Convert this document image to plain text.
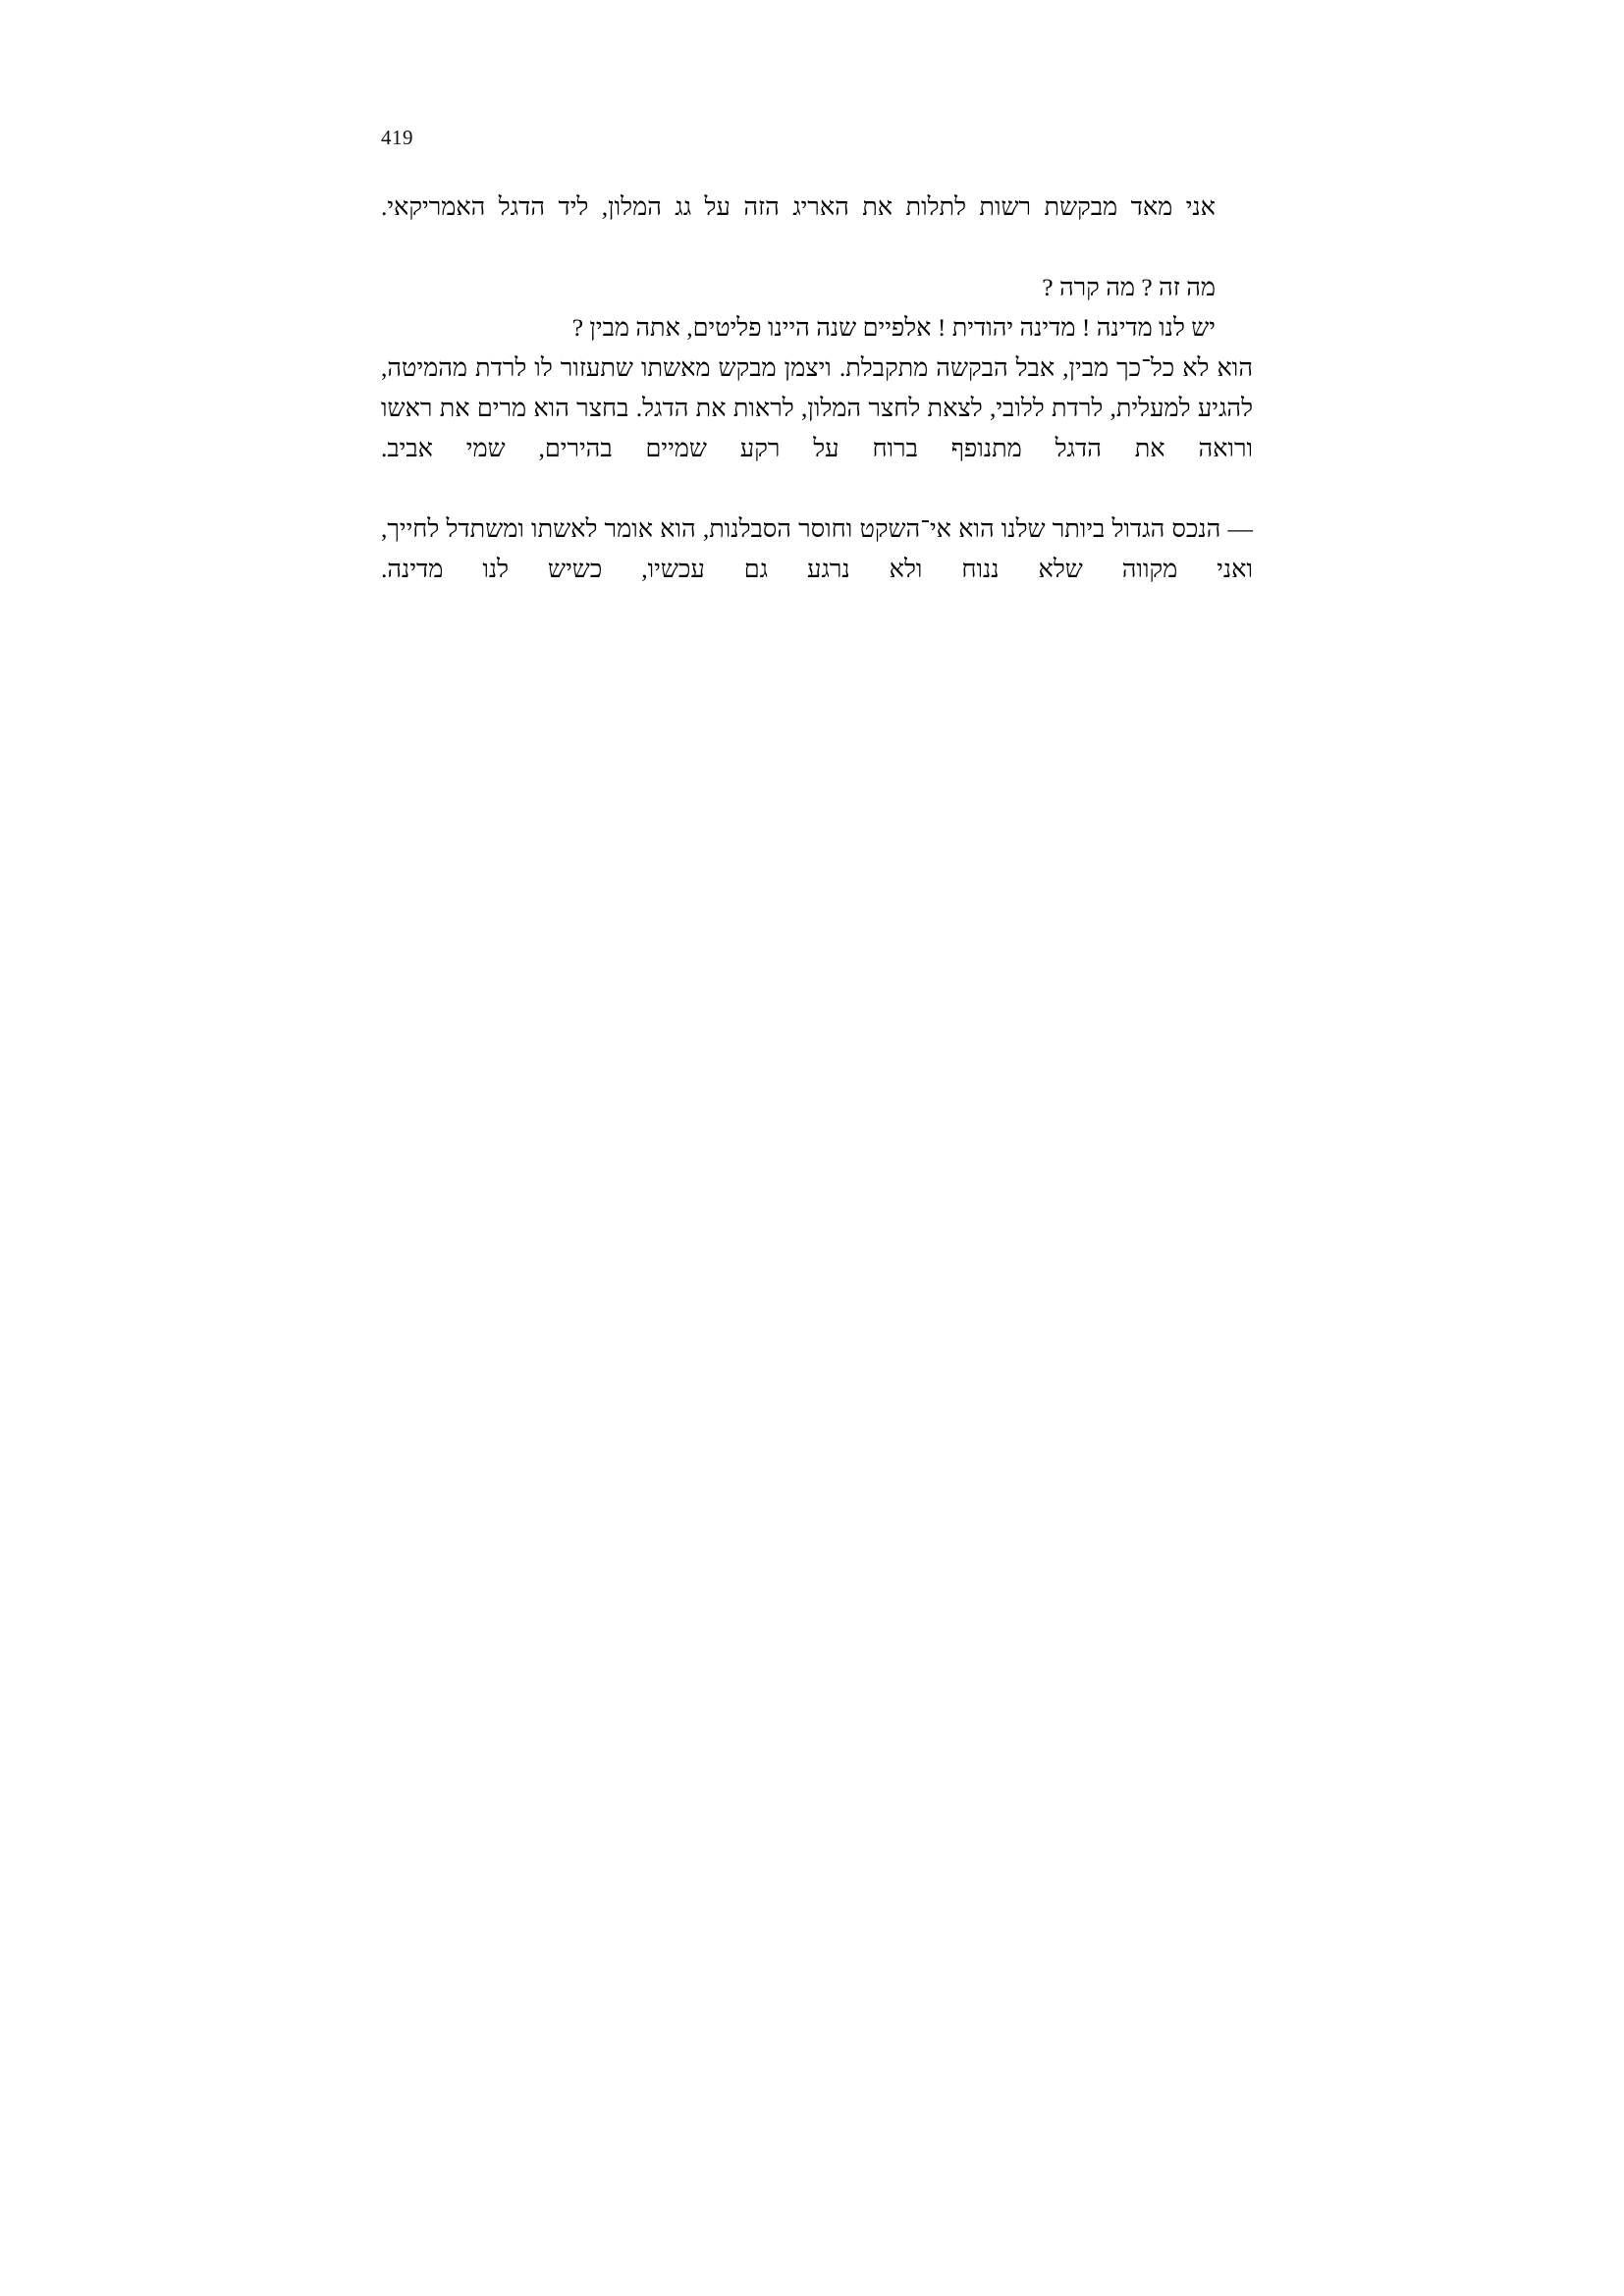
419

אני מאד מבקשת רשות לתלות את האריג הזה על גג המלון, ליד הדגל האמריקאי.

מה זה ? מה קרה ?

יש לנו מדינה ! מדינה יהודית ! אלפיים שנה היינו פליטים, אתה מבין ?

הוא לא כל־כך מבין, אבל הבקשה מתקבלת. ויצמן מבקש מאשתו שתעזור לו לרדת מהמיטה, להגיע למעלית, לרדת ללובי, לצאת לחצר המלון, לראות את הדגל. בחצר הוא מרים את ראשו ורואה את הדגל מתנופף ברוח על רקע שמיים בהירים, שמי אביב.

— הנכס הגדול ביותר שלנו הוא אי־השקט וחוסר הסבלנות, הוא אומר לאשתו ומשתדל לחייך, ואני מקווה שלא ננוח ולא נרגע גם עכשיו, כשיש לנו מדינה.
